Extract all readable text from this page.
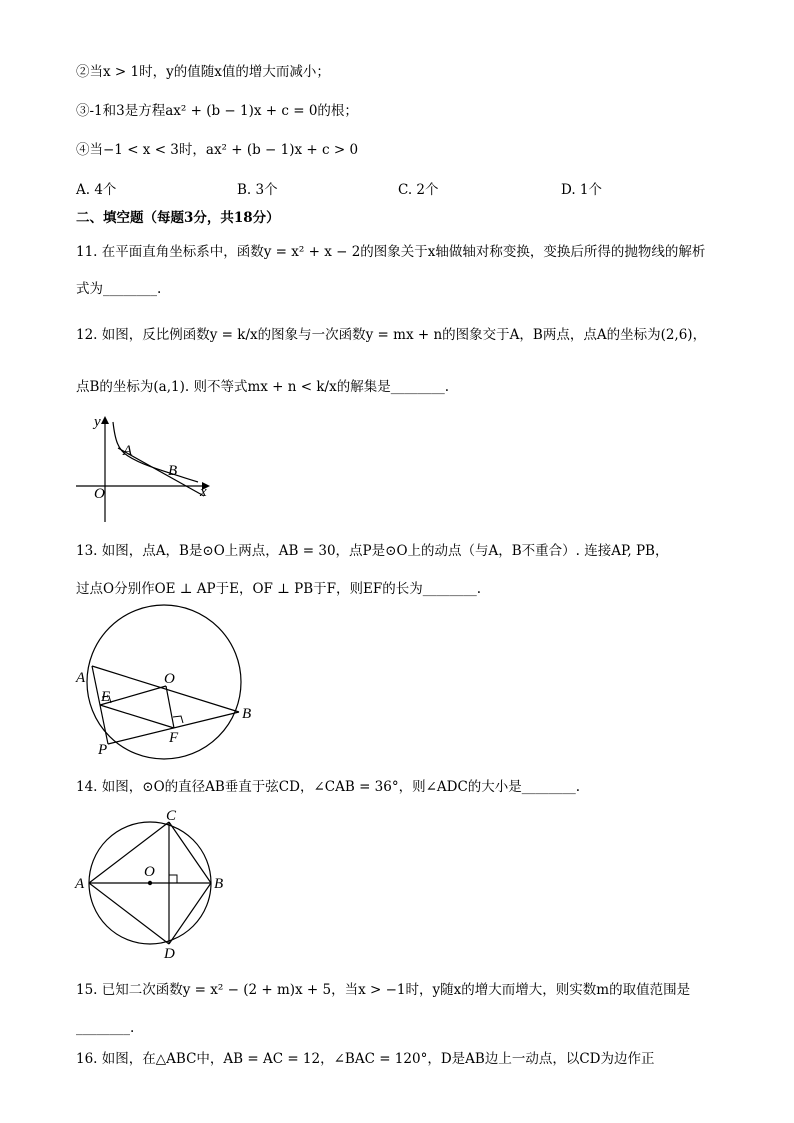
②当x > 1时，y的值随x值的增大而减小；
③-1和3是方程ax² + (b − 1)x + c = 0的根；
④当−1 < x < 3时，ax² + (b − 1)x + c > 0
A. 4个	B. 3个	C. 2个	D. 1个
二、填空题（每题3分，共18分）
11. 在平面直角坐标系中，函数y = x² + x − 2的图象关于x轴做轴对称变换，变换后所得的抛物线的解析
式为________.
12. 如图，反比例函数y = k/x的图象与一次函数y = mx + n的图象交于A，B两点，点A的坐标为(2,6)，
点B的坐标为(a,1). 则不等式mx + n < k/x的解集是________.
y
A
B
O	x
13. 如图，点A，B是⊙O上两点，AB = 30，点P是⊙O上的动点（与A，B不重合）. 连接AP, PB，
过点O分别作OE ⊥ AP于E，OF ⊥ PB于F，则EF的长为________.
A	O
E
B
F
P
14. 如图，⊙O的直径AB垂直于弦CD，∠CAB = 36°，则∠ADC的大小是________.
C
O
A	B
D
15. 已知二次函数y = x² − (2 + m)x + 5，当x > −1时，y随x的增大而增大，则实数m的取值范围是
________.
16. 如图，在△ABC中，AB = AC = 12，∠BAC = 120°，D是AB边上一动点，以CD为边作正
